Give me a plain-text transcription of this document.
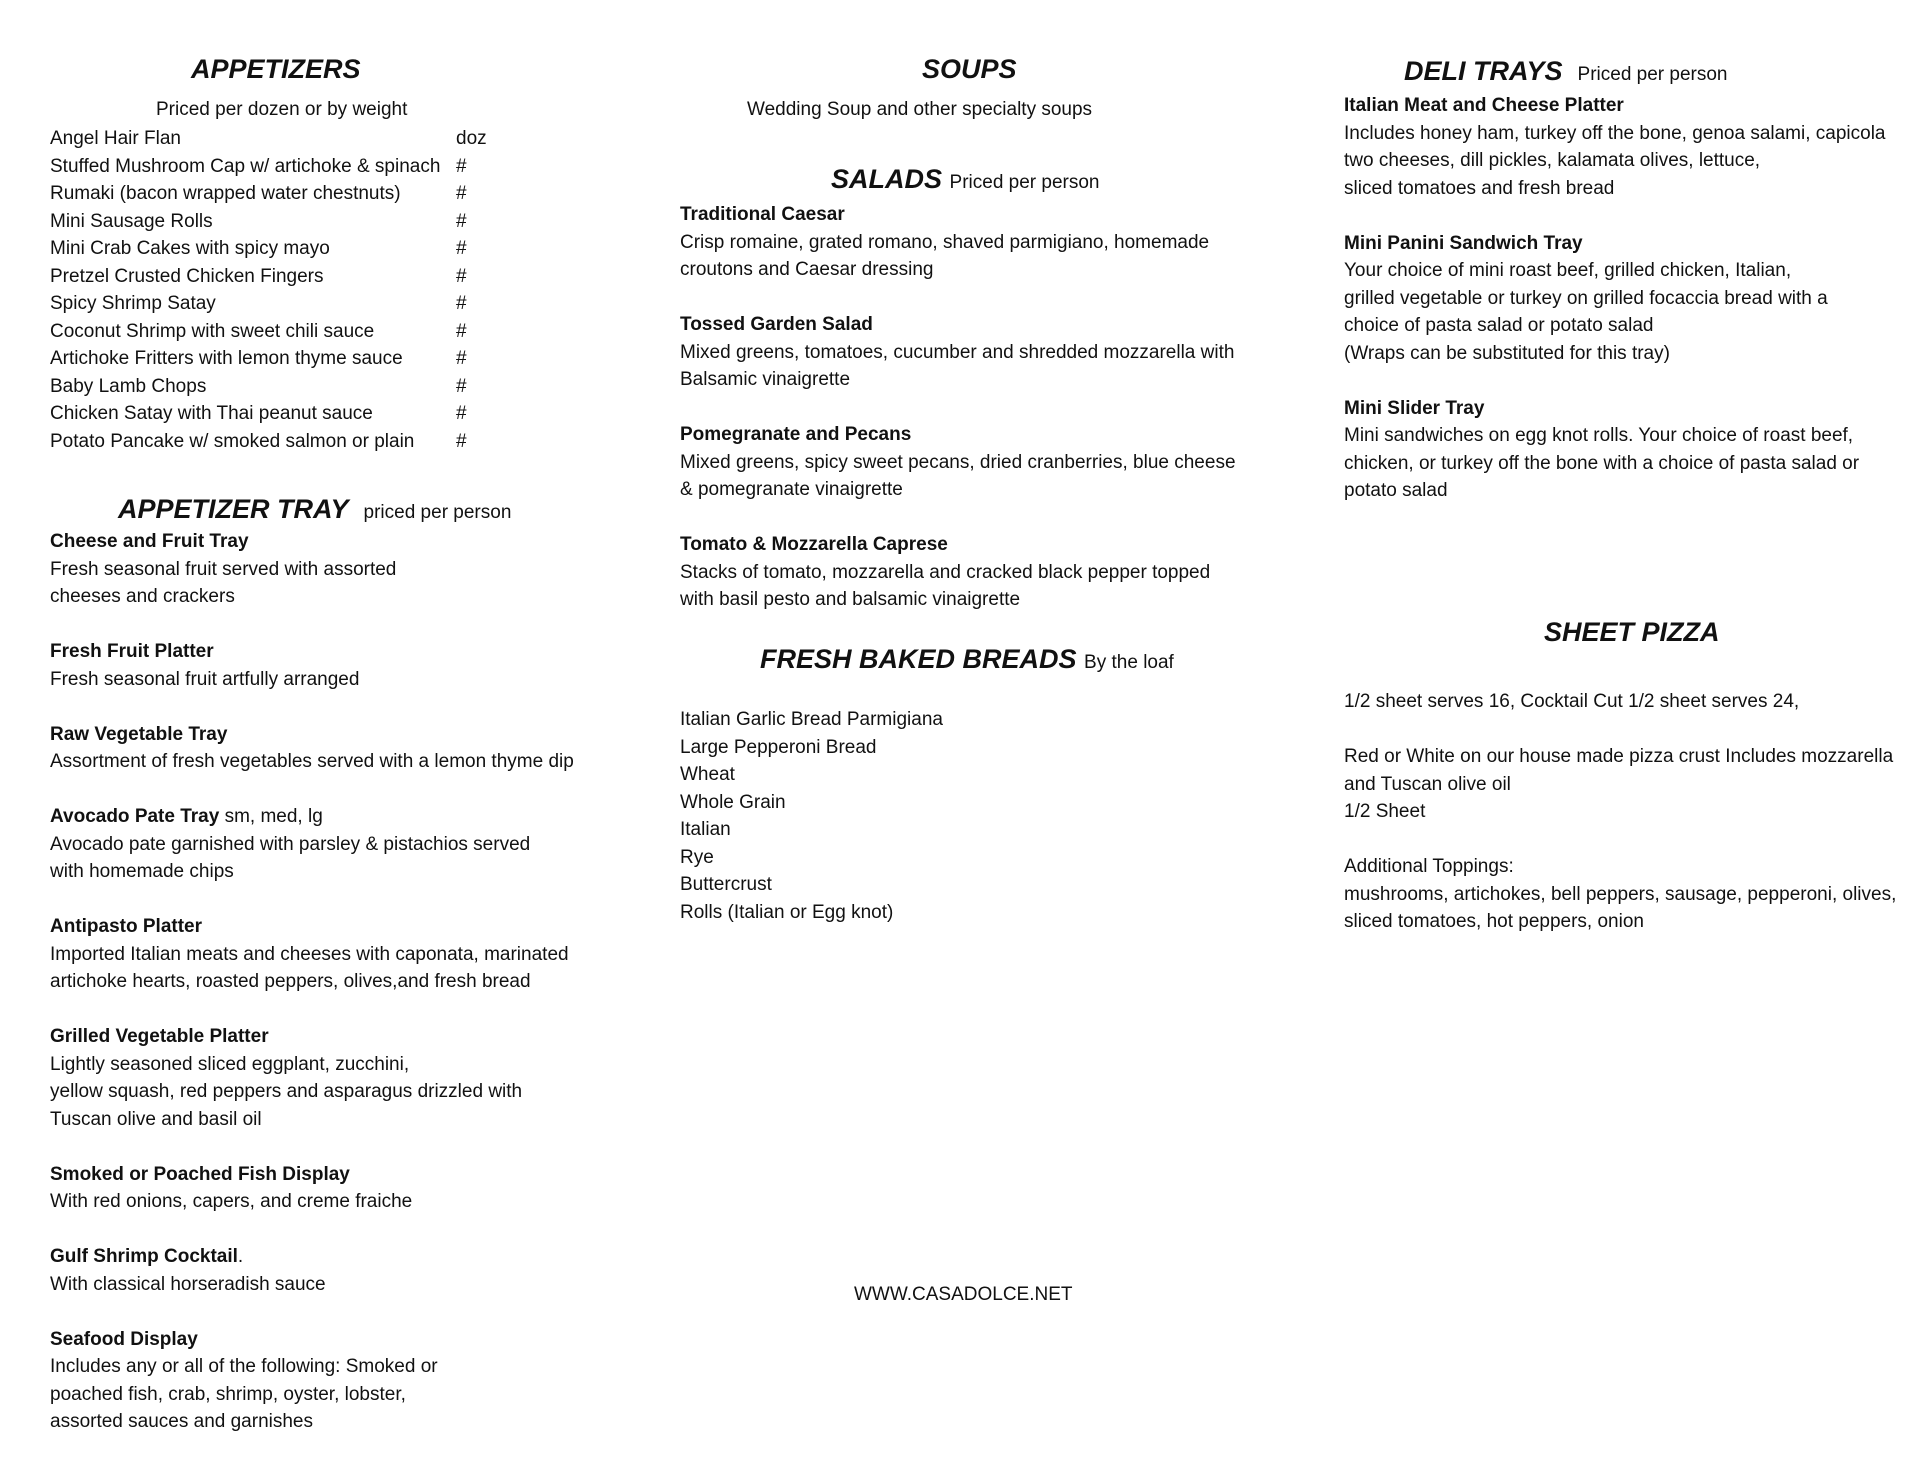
APPETIZERS
Priced per dozen or by weight
Angel Hair Flan	doz
Stuffed Mushroom Cap w/ artichoke & spinach #
Rumaki (bacon wrapped water chestnuts)	#
Mini Sausage Rolls	#
Mini Crab Cakes with spicy mayo	#
Pretzel Crusted Chicken Fingers	#
Spicy Shrimp Satay	#
Coconut Shrimp with sweet chili sauce	#
Artichoke Fritters with lemon thyme sauce	#
Baby Lamb Chops	#
Chicken Satay with Thai peanut sauce	#
Potato Pancake w/ smoked salmon or plain #
APPETIZER TRAY priced per person
Cheese and Fruit Tray
Fresh seasonal fruit served with assorted
cheeses and crackers
Fresh Fruit Platter
Fresh seasonal fruit artfully arranged
Raw Vegetable Tray
Assortment of fresh vegetables served with a lemon thyme dip
Avocado Pate Tray sm, med, lg
Avocado pate garnished with parsley & pistachios served
with homemade chips
Antipasto Platter
Imported Italian meats and cheeses with caponata, marinated
artichoke hearts, roasted peppers, olives,and fresh bread
Grilled Vegetable Platter
Lightly seasoned sliced eggplant, zucchini,
yellow squash, red peppers and asparagus drizzled with
Tuscan olive and basil oil
Smoked or Poached Fish Display
With red onions, capers, and creme fraiche
Gulf Shrimp Cocktail.
With classical horseradish sauce
Seafood Display
Includes any or all of the following: Smoked or
poached fish, crab, shrimp, oyster, lobster,
assorted sauces and garnishes
SOUPS
Wedding Soup and other specialty soups
SALADS Priced per person
Traditional Caesar
Crisp romaine, grated romano, shaved parmigiano, homemade
croutons and Caesar dressing
Tossed Garden Salad
Mixed greens, tomatoes, cucumber and shredded mozzarella with
Balsamic vinaigrette
Pomegranate and Pecans
Mixed greens, spicy sweet pecans, dried cranberries, blue cheese
& pomegranate vinaigrette
Tomato & Mozzarella Caprese
Stacks of tomato, mozzarella and cracked black pepper topped
with basil pesto and balsamic vinaigrette
FRESH BAKED BREADS By the loaf
Italian Garlic Bread Parmigiana
Large Pepperoni Bread
Wheat
Whole Grain
Italian
Rye
Buttercrust
Rolls (Italian or Egg knot)
WWW.CASADOLCE.NET
DELI TRAYS Priced per person
Italian Meat and Cheese Platter
Includes honey ham, turkey off the bone, genoa salami, capicola
two cheeses, dill pickles, kalamata olives, lettuce,
sliced tomatoes and fresh bread
Mini Panini Sandwich Tray
Your choice of mini roast beef, grilled chicken, Italian,
grilled vegetable or turkey on grilled focaccia bread with a
choice of pasta salad or potato salad
(Wraps can be substituted for this tray)
Mini Slider Tray
Mini sandwiches on egg knot rolls. Your choice of roast beef,
chicken, or turkey off the bone with a choice of pasta salad or
potato salad
SHEET PIZZA
1/2 sheet serves 16, Cocktail Cut 1/2 sheet serves 24,
Red or White on our house made pizza crust Includes mozzarella
and Tuscan olive oil
1/2 Sheet
Additional Toppings:
mushrooms, artichokes, bell peppers, sausage, pepperoni, olives,
sliced tomatoes, hot peppers, onion
